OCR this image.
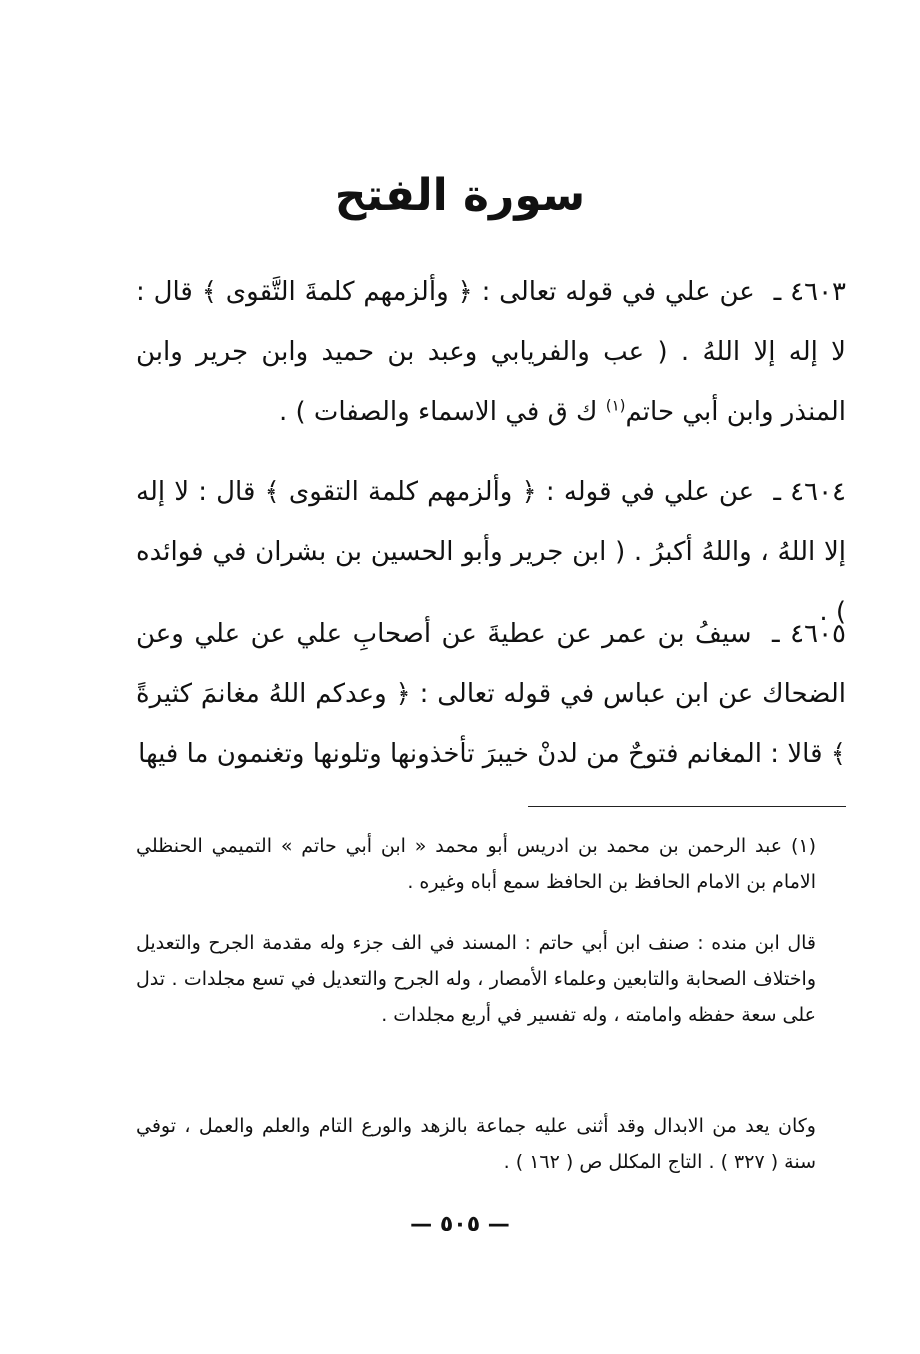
سورة الفتح

٤٦٠٣ ـ عن علي في قوله تعالى : ﴿ وألزمهم كلمةَ التَّقوى ﴾ قال : لا إله إلا اللهُ . ( عب والفريابي وعبد بن حميد وابن جرير وابن المنذر وابن أبي حاتم$^{(١)}$ ك ق في الاسماء والصفات ) .

٤٦٠٤ ـ عن علي في قوله : ﴿ وألزمهم كلمة التقوى ﴾ قال : لا إله إلا اللهُ ، واللهُ أكبرُ . ( ابن جرير وأبو الحسين بن بشران في فوائده ) .

٤٦٠٥ ـ سيفُ بن عمر عن عطيةَ عن أصحابِ علي عن علي وعن الضحاك عن ابن عباس في قوله تعالى : ﴿ وعدكم اللهُ مغانمَ كثيرةً ﴾ قالا : المغانم فتوحٌ من لدنْ خيبرَ تأخذونها وتلونها وتغنمون ما فيها

(١) عبد الرحمن بن محمد بن ادريس أبو محمد « ابن أبي حاتم » التميمي الحنظلي الامام بن الامام الحافظ بن الحافظ سمع أباه وغيره .

قال ابن منده : صنف ابن أبي حاتم : المسند في الف جزء وله مقدمة الجرح والتعديل واختلاف الصحابة والتابعين وعلماء الأمصار ، وله الجرح والتعديل في تسع مجلدات . تدل على سعة حفظه وامامته ، وله تفسير في أربع مجلدات .

وكان يعد من الابدال وقد أثنى عليه جماعة بالزهد والورع التام والعلم والعمل ، توفي سنة ( ٣٢٧ ) . التاج المكلل ص ( ١٦٢ ) .

— ٥٠٥ —
